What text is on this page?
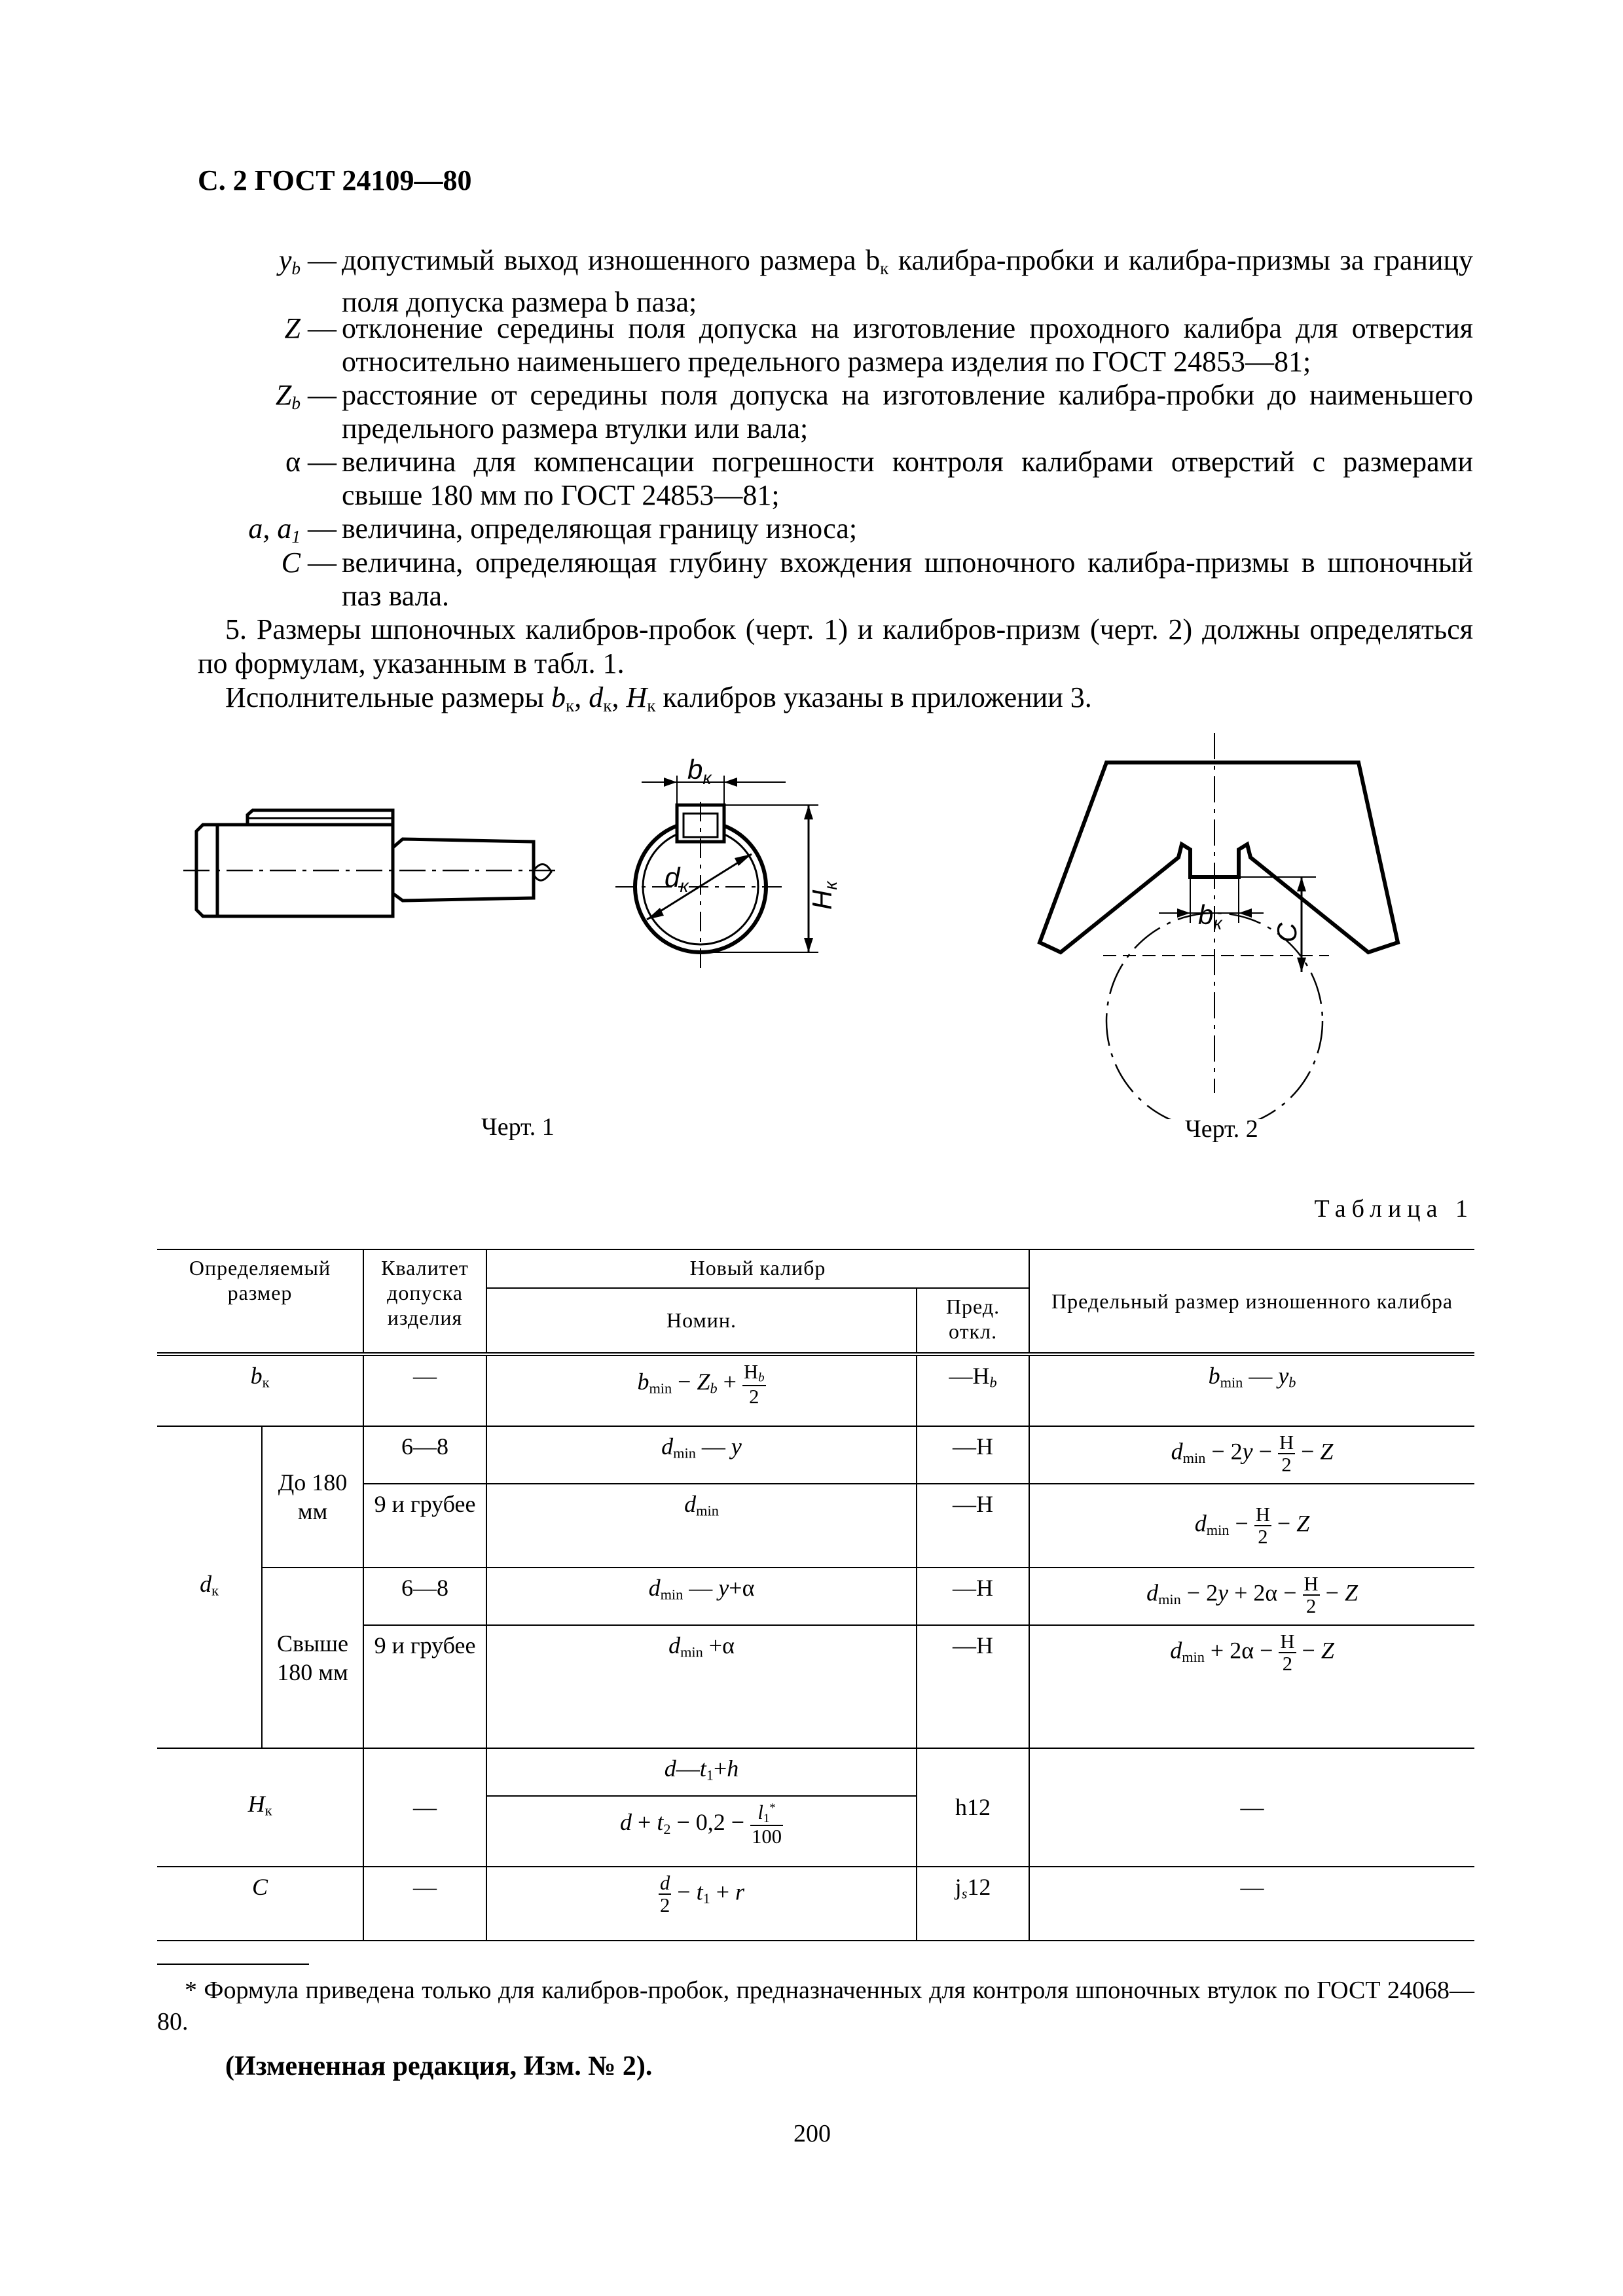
С. 2 ГОСТ 24109—80
$y_b$ — допустимый выход изношенного размера $b_к$ калибра-пробки и калибра-призмы за границу поля допуска размера b паза;
Z — отклонение середины поля допуска на изготовление проходного калибра для отверстия относительно наименьшего предельного размера изделия по ГОСТ 24853—81;
$Z_b$ — расстояние от середины поля допуска на изготовление калибра-пробки до наименьшего предельного размера втулки или вала;
α — величина для компенсации погрешности контроля калибрами отверстий с размерами свыше 180 мм по ГОСТ 24853—81;
a, $a_1$ — величина, определяющая границу износа;
C — величина, определяющая глубину вхождения шпоночного калибра-призмы в шпоночный паз вала.
5. Размеры шпоночных калибров-пробок (черт. 1) и калибров-призм (черт. 2) должны определяться по формулам, указанным в табл. 1.
Исполнительные размеры $b_к$, $d_к$, $H_к$ калибров указаны в приложении 3.
bк
dк
Hк
Черт. 1
bк C
Черт. 2
Таблица 1
Определяемый размер		Квалитет допуска изделия	Новый калибр		Предельный размер изношенного калибра
			Номин.	Пред. откл.	
$b_к$		—	$b_{min} - Z_b + \frac{H_b}{2}$	$—H_b$	$b_{min}$ — $y_b$
$d_к$	До 180 мм	6—8	$d_{min}$ — y	—H	$d_{min} - 2y - \frac{H}{2} - Z$
		9 и грубее	$d_{min}$	—H	$d_{min} - \frac{H}{2} - Z$
	Свыше 180 мм	6—8	$d_{min}$ — y+α	—H	$d_{min} - 2y + 2\alpha - \frac{H}{2} - Z$
		9 и грубее	$d_{min} +\alpha$	—H	$d_{min} + 2\alpha - \frac{H}{2} - Z$
$H_к$		—	$d—t_1+h$	h12	—
			$d + t_2 - 0,2 - \frac{l_1^*}{100}$

C		—	$\frac{d}{2} - t_1 + r$	$j_s12$	—
* Формула приведена только для калибров-пробок, предназначенных для контроля шпоночных втулок по ГОСТ 24068—80.
(Измененная редакция, Изм. № 2).
200
